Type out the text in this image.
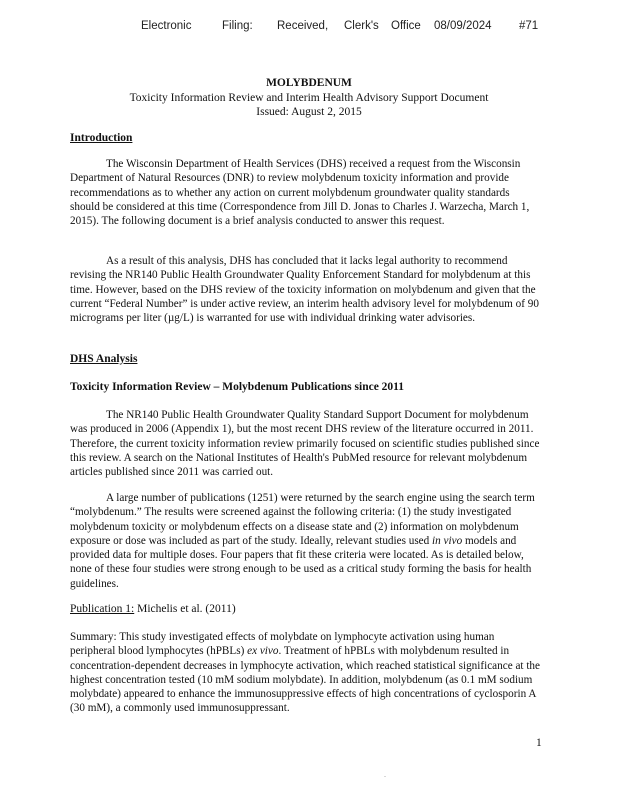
Electronic	Filing: Received, Clerk's Office 08/09/2024 #71
MOLYBDENUM
Toxicity Information Review and Interim Health Advisory Support Document
Issued: August 2, 2015
Introduction
The Wisconsin Department of Health Services (DHS) received a request from the Wisconsin Department of Natural Resources (DNR) to review molybdenum toxicity information and provide recommendations as to whether any action on current molybdenum groundwater quality standards should be considered at this time (Correspondence from Jill D. Jonas to Charles J. Warzecha, March 1, 2015). The following document is a brief analysis conducted to answer this request.
As a result of this analysis, DHS has concluded that it lacks legal authority to recommend revising the NR140 Public Health Groundwater Quality Enforcement Standard for molybdenum at this time. However, based on the DHS review of the toxicity information on molybdenum and given that the current “Federal Number” is under active review, an interim health advisory level for molybdenum of 90 micrograms per liter (µg/L) is warranted for use with individual drinking water advisories.
DHS Analysis
Toxicity Information Review – Molybdenum Publications since 2011
The NR140 Public Health Groundwater Quality Standard Support Document for molybdenum was produced in 2006 (Appendix 1), but the most recent DHS review of the literature occurred in 2011. Therefore, the current toxicity information review primarily focused on scientific studies published since this review. A search on the National Institutes of Health's PubMed resource for relevant molybdenum articles published since 2011 was carried out.
A large number of publications (1251) were returned by the search engine using the search term “molybdenum.” The results were screened against the following criteria: (1) the study investigated molybdenum toxicity or molybdenum effects on a disease state and (2) information on molybdenum exposure or dose was included as part of the study. Ideally, relevant studies used in vivo models and provided data for multiple doses. Four papers that fit these criteria were located. As is detailed below, none of these four studies were strong enough to be used as a critical study forming the basis for health guidelines.
Publication 1: Michelis et al. (2011)
Summary: This study investigated effects of molybdate on lymphocyte activation using human peripheral blood lymphocytes (hPBLs) ex vivo. Treatment of hPBLs with molybdenum resulted in concentration-dependent decreases in lymphocyte activation, which reached statistical significance at the highest concentration tested (10 mM sodium molybdate). In addition, molybdenum (as 0.1 mM sodium molybdate) appeared to enhance the immunosuppressive effects of high concentrations of cyclosporin A (30 mM), a commonly used immunosuppressant.
1
.
